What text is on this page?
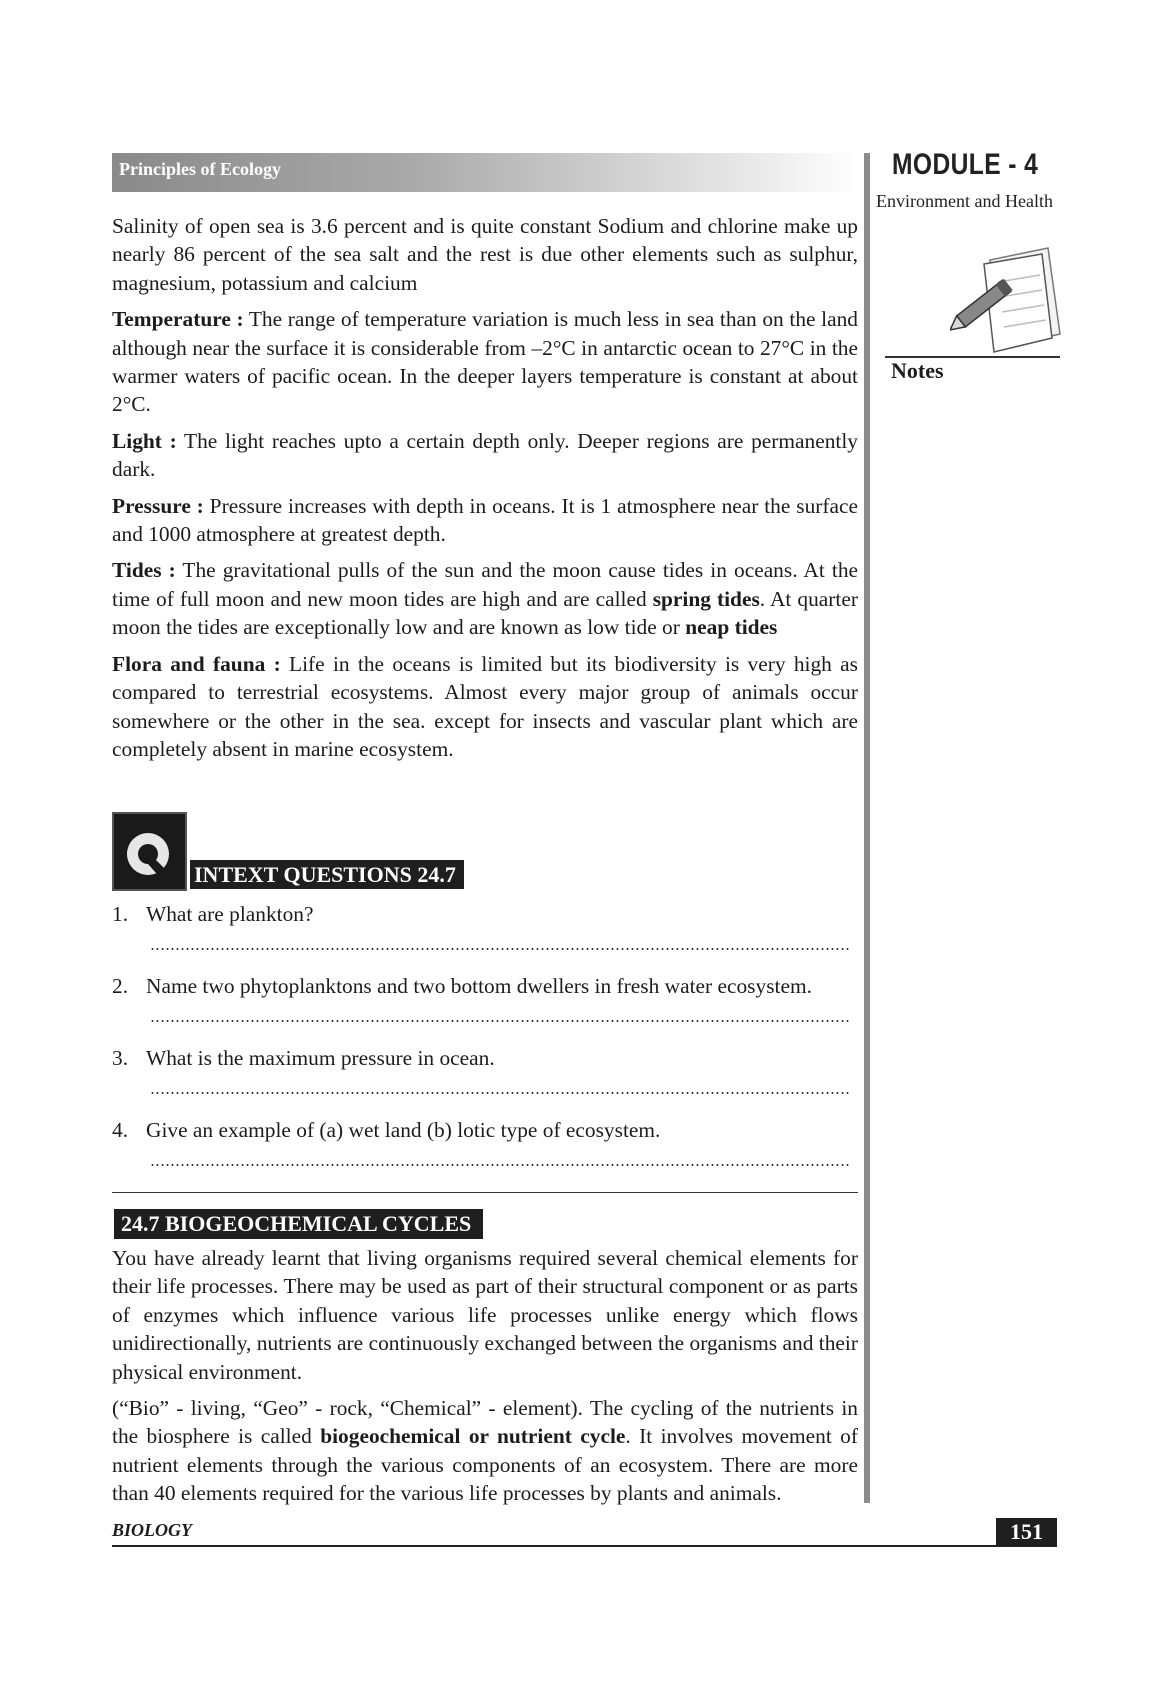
Principles of Ecology	MODULE - 4
Environment and Health
Notes

Salinity of open sea is 3.6 percent and is quite constant Sodium and chlorine make up nearly 86 percent of the sea salt and the rest is due other elements such as sulphur, magnesium, potassium and calcium

Temperature : The range of temperature variation is much less in sea than on the land although near the surface it is considerable from –2°C in antarctic ocean to 27°C in the warmer waters of pacific ocean. In the deeper layers temperature is constant at about 2°C.

Light : The light reaches upto a certain depth only. Deeper regions are permanently dark.

Pressure : Pressure increases with depth in oceans. It is 1 atmosphere near the surface and 1000 atmosphere at greatest depth.

Tides : The gravitational pulls of the sun and the moon cause tides in oceans. At the time of full moon and new moon tides are high and are called spring tides. At quarter moon the tides are exceptionally low and are known as low tide or neap tides

Flora and fauna : Life in the oceans is limited but its biodiversity is very high as compared to terrestrial ecosystems. Almost every major group of animals occur somewhere or the other in the sea. except for insects and vascular plant which are completely absent in marine ecosystem.

INTEXT QUESTIONS 24.7
1. What are plankton?
2. Name two phytoplanktons and two bottom dwellers in fresh water ecosystem.
3. What is the maximum pressure in ocean.
4. Give an example of (a) wet land (b) lotic type of ecosystem.
24.7 BIOGEOCHEMICAL CYCLES

You have already learnt that living organisms required several chemical elements for their life processes. There may be used as part of their structural component or as parts of enzymes which influence various life processes unlike energy which flows unidirectionally, nutrients are continuously exchanged between the organisms and their physical environment.

(“Bio” - living, “Geo” - rock, “Chemical” - element). The cycling of the nutrients in the biosphere is called biogeochemical or nutrient cycle. It involves movement of nutrient elements through the various components of an ecosystem. There are more than 40 elements required for the various life processes by plants and animals.

BIOLOGY	151
